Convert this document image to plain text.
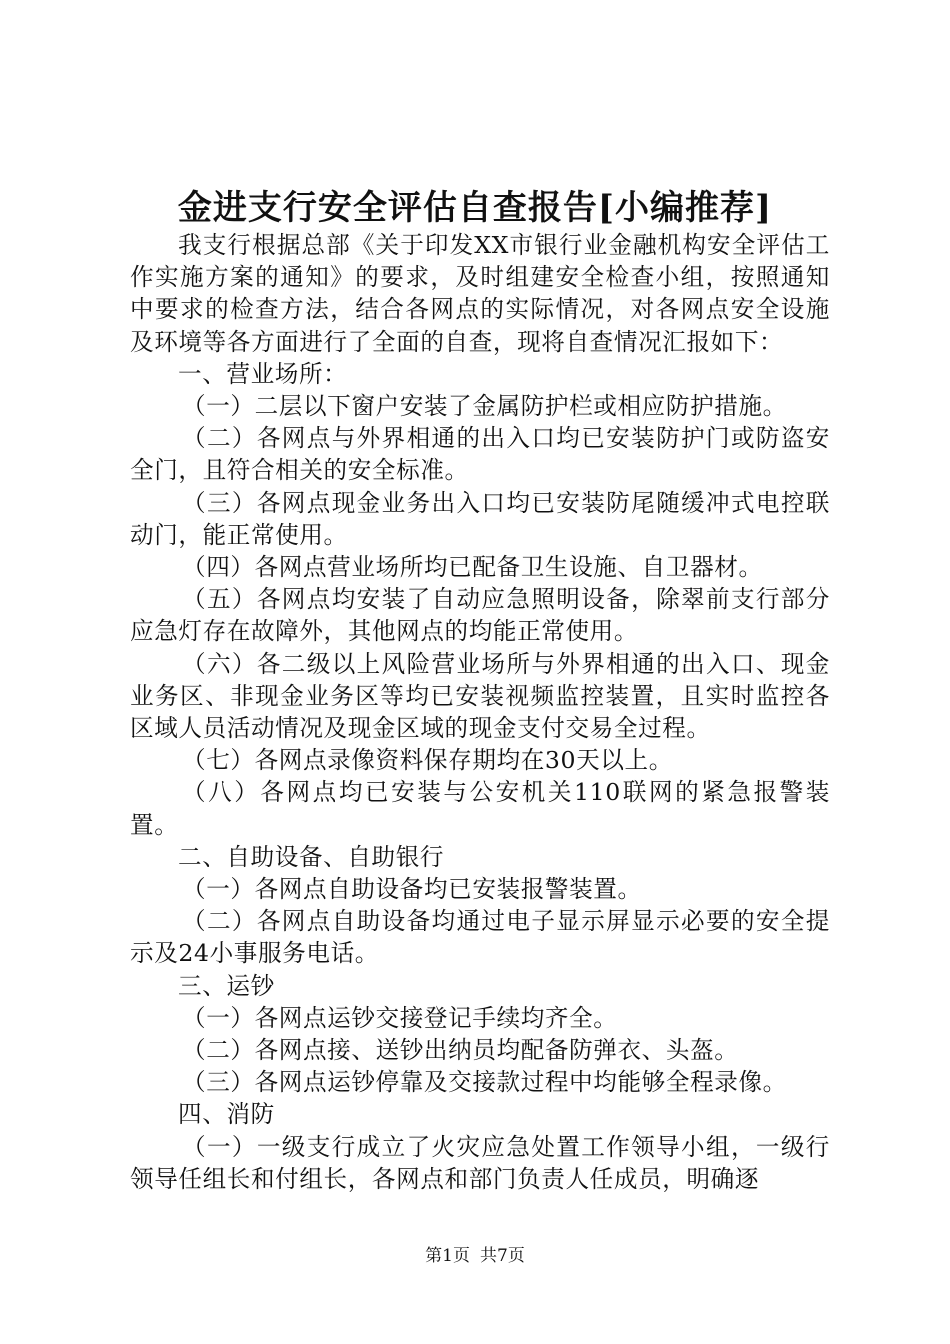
金进支行安全评估自查报告[小编推荐]

我支行根据总部《关于印发XX市银行业金融机构安全评估工作实施方案的通知》的要求，及时组建安全检查小组，按照通知中要求的检查方法，结合各网点的实际情况，对各网点安全设施及环境等各方面进行了全面的自查，现将自查情况汇报如下：

一、营业场所：

（一）二层以下窗户安装了金属防护栏或相应防护措施。

（二）各网点与外界相通的出入口均已安装防护门或防盗安全门，且符合相关的安全标准。

（三）各网点现金业务出入口均已安装防尾随缓冲式电控联动门，能正常使用。

（四）各网点营业场所均已配备卫生设施、自卫器材。

（五）各网点均安装了自动应急照明设备，除翠前支行部分应急灯存在故障外，其他网点的均能正常使用。

（六）各二级以上风险营业场所与外界相通的出入口、现金业务区、非现金业务区等均已安装视频监控装置，且实时监控各区域人员活动情况及现金区域的现金支付交易全过程。

（七）各网点录像资料保存期均在30天以上。

（八）各网点均已安装与公安机关110联网的紧急报警装置。

二、自助设备、自助银行

（一）各网点自助设备均已安装报警装置。

（二）各网点自助设备均通过电子显示屏显示必要的安全提示及24小事服务电话。

三、运钞

（一）各网点运钞交接登记手续均齐全。

（二）各网点接、送钞出纳员均配备防弹衣、头盔。

（三）各网点运钞停靠及交接款过程中均能够全程录像。

四、消防

（一）一级支行成立了火灾应急处置工作领导小组，一级行领导任组长和付组长，各网点和部门负责人任成员，明确逐

第1页 共7页
